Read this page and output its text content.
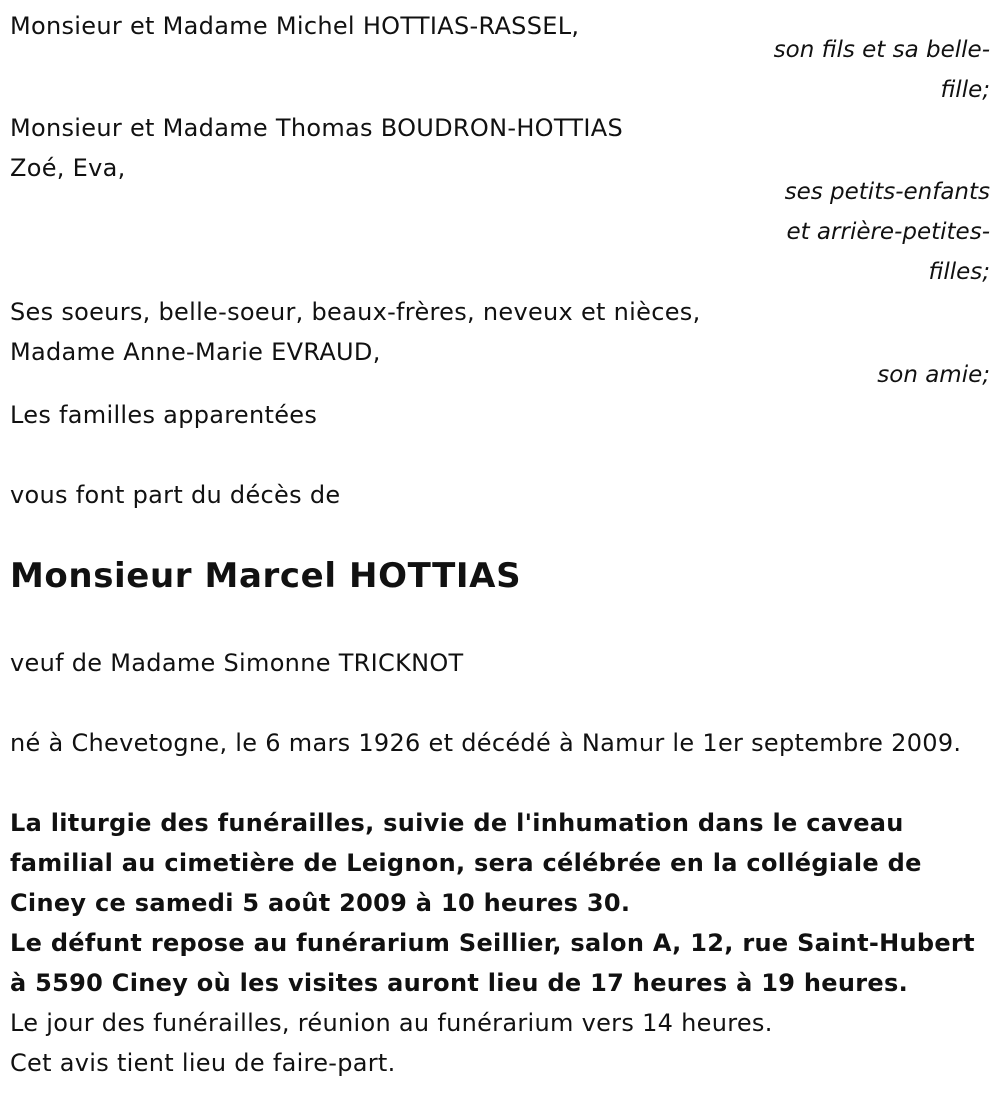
Monsieur et Madame Michel HOTTIAS-RASSEL,
son fils et sa belle-
fille;
Monsieur et Madame Thomas BOUDRON-HOTTIAS
Zoé, Eva,
ses petits-enfants
et arrière-petites-
filles;
Ses soeurs, belle-soeur, beaux-frères, neveux et nièces,
Madame Anne-Marie EVRAUD,
son amie;
Les familles apparentées
vous font part du décès de
Monsieur Marcel HOTTIAS
veuf de Madame Simonne TRICKNOT
né à Chevetogne, le 6 mars 1926 et décédé à Namur le 1er septembre 2009.
La liturgie des funérailles, suivie de l'inhumation dans le caveau familial au cimetière de Leignon, sera célébrée en la collégiale de Ciney ce samedi 5 août 2009 à 10 heures 30.
Le défunt repose au funérarium Seillier, salon A, 12, rue Saint-Hubert à 5590 Ciney où les visites auront lieu de 17 heures à 19 heures.
Le jour des funérailles, réunion au funérarium vers 14 heures.
Cet avis tient lieu de faire-part.
